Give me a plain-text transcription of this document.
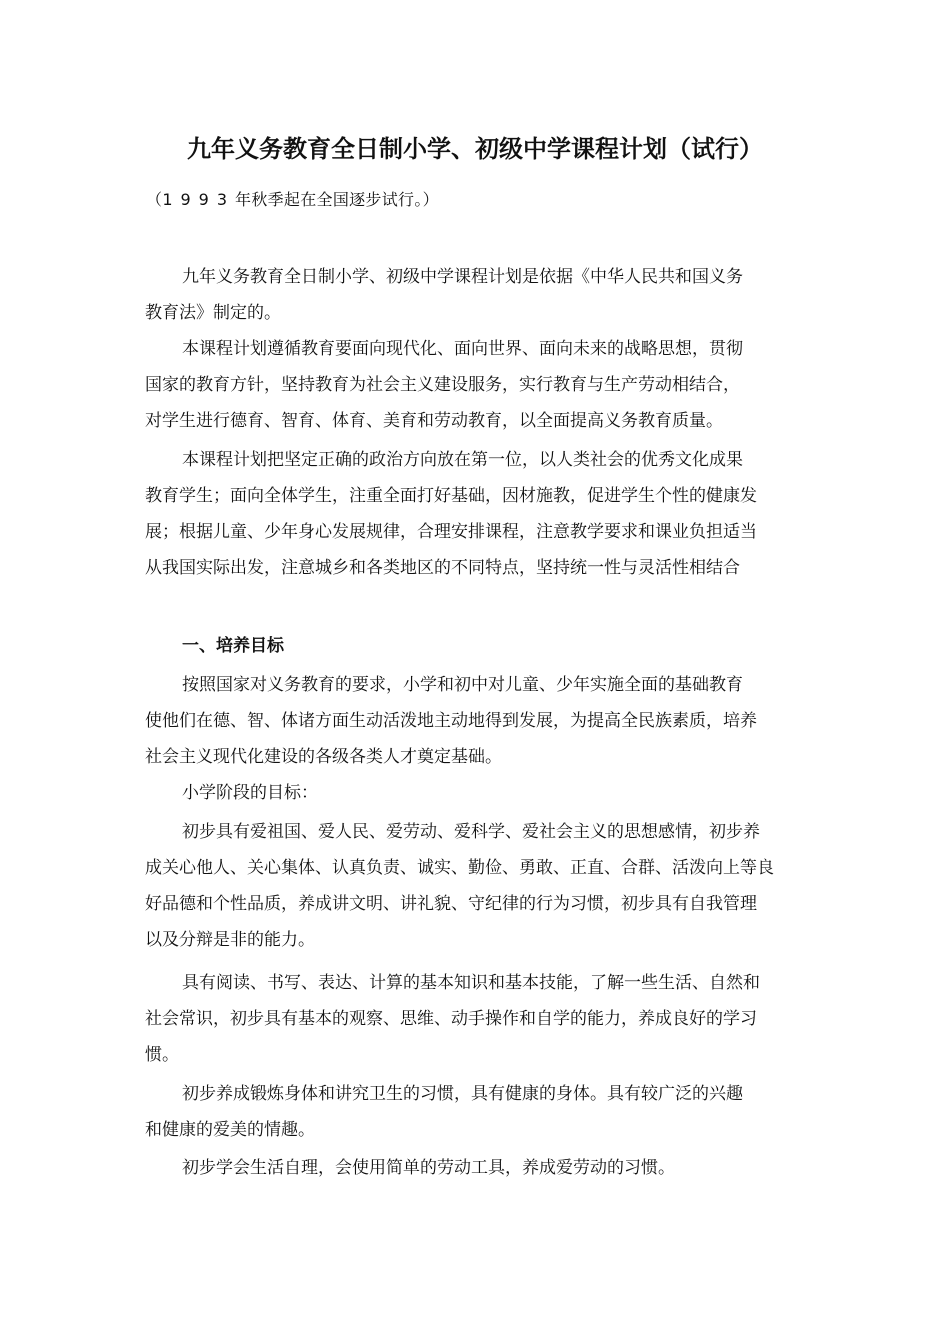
九年义务教育全日制小学、初级中学课程计划（试行）
（1993年秋季起在全国逐步试行。）
九年义务教育全日制小学、初级中学课程计划是依据《中华人民共和国义务
教育法》制定的。
本课程计划遵循教育要面向现代化、面向世界、面向未来的战略思想，贯彻
国家的教育方针，坚持教育为社会主义建设服务，实行教育与生产劳动相结合，
对学生进行德育、智育、体育、美育和劳动教育，以全面提高义务教育质量。
本课程计划把坚定正确的政治方向放在第一位，以人类社会的优秀文化成果
教育学生；面向全体学生，注重全面打好基础，因材施教，促进学生个性的健康发
展；根据儿童、少年身心发展规律，合理安排课程，注意教学要求和课业负担适当
从我国实际出发，注意城乡和各类地区的不同特点，坚持统一性与灵活性相结合
一、培养目标
按照国家对义务教育的要求，小学和初中对儿童、少年实施全面的基础教育
使他们在德、智、体诸方面生动活泼地主动地得到发展，为提高全民族素质，培养
社会主义现代化建设的各级各类人才奠定基础。
小学阶段的目标：
初步具有爱祖国、爱人民、爱劳动、爱科学、爱社会主义的思想感情，初步养
成关心他人、关心集体、认真负责、诚实、勤俭、勇敢、正直、合群、活泼向上等良
好品德和个性品质，养成讲文明、讲礼貌、守纪律的行为习惯，初步具有自我管理
以及分辩是非的能力。
具有阅读、书写、表达、计算的基本知识和基本技能，了解一些生活、自然和
社会常识，初步具有基本的观察、思维、动手操作和自学的能力，养成良好的学习
惯。
初步养成锻炼身体和讲究卫生的习惯，具有健康的身体。具有较广泛的兴趣
和健康的爱美的情趣。
初步学会生活自理，会使用简单的劳动工具，养成爱劳动的习惯。
